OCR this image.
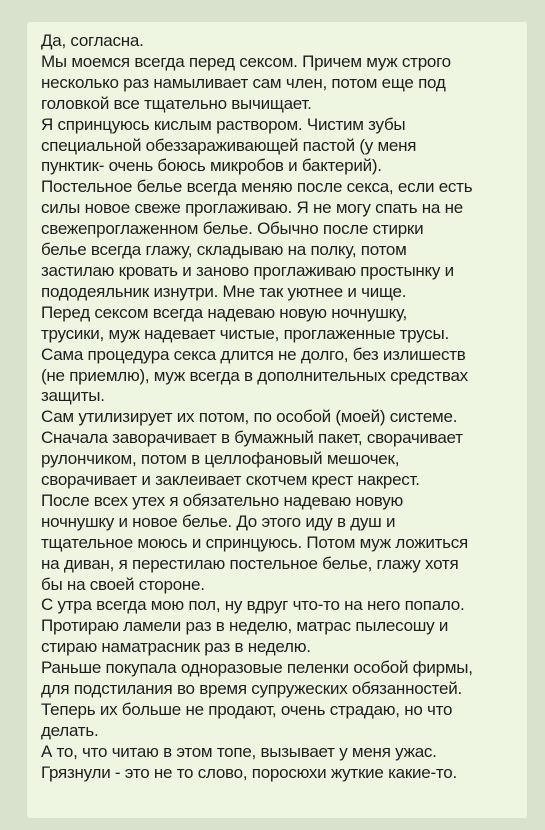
Да, согласна.
Мы моемся всегда перед сексом. Причем муж строго
несколько раз намыливает сам член, потом еще под
головкой все тщательно вычищает.
Я спринцуюсь кислым раствором. Чистим зубы
специальной обеззараживающей пастой (у меня
пунктик- очень боюсь микробов и бактерий).
Постельное белье всегда меняю после секса, если есть
силы новое свеже проглаживаю. Я не могу спать на не
свежепроглаженном белье. Обычно после стирки
белье всегда глажу, складываю на полку, потом
застилаю кровать и заново проглаживаю простынку и
пододеяльник изнутри. Мне так уютнее и чище.
Перед сексом всегда надеваю новую ночнушку,
трусики, муж надевает чистые, проглаженные трусы.
Сама процедура секса длится не долго, без излишеств
(не приемлю), муж всегда в дополнительных средствах
защиты.
Сам утилизирует их потом, по особой (моей) системе.
Сначала заворачивает в бумажный пакет, сворачивает
рулончиком, потом в целлофановый мешочек,
сворачивает и заклеивает скотчем крест накрест.
После всех утех я обязательно надеваю новую
ночнушку и новое белье. До этого иду в душ и
тщательное моюсь и спринцуюсь. Потом муж ложиться
на диван, я перестилаю постельное белье, глажу хотя
бы на своей стороне.
С утра всегда мою пол, ну вдруг что-то на него попало.
Протираю ламели раз в неделю, матрас пылесошу и
стираю наматрасник раз в неделю.
Раньше покупала одноразовые пеленки особой фирмы,
для подстилания во время супружеских обязанностей.
Теперь их больше не продают, очень страдаю, но что
делать.
А то, что читаю в этом топе, вызывает у меня ужас.
Грязнули - это не то слово, поросюхи жуткие какие-то.
